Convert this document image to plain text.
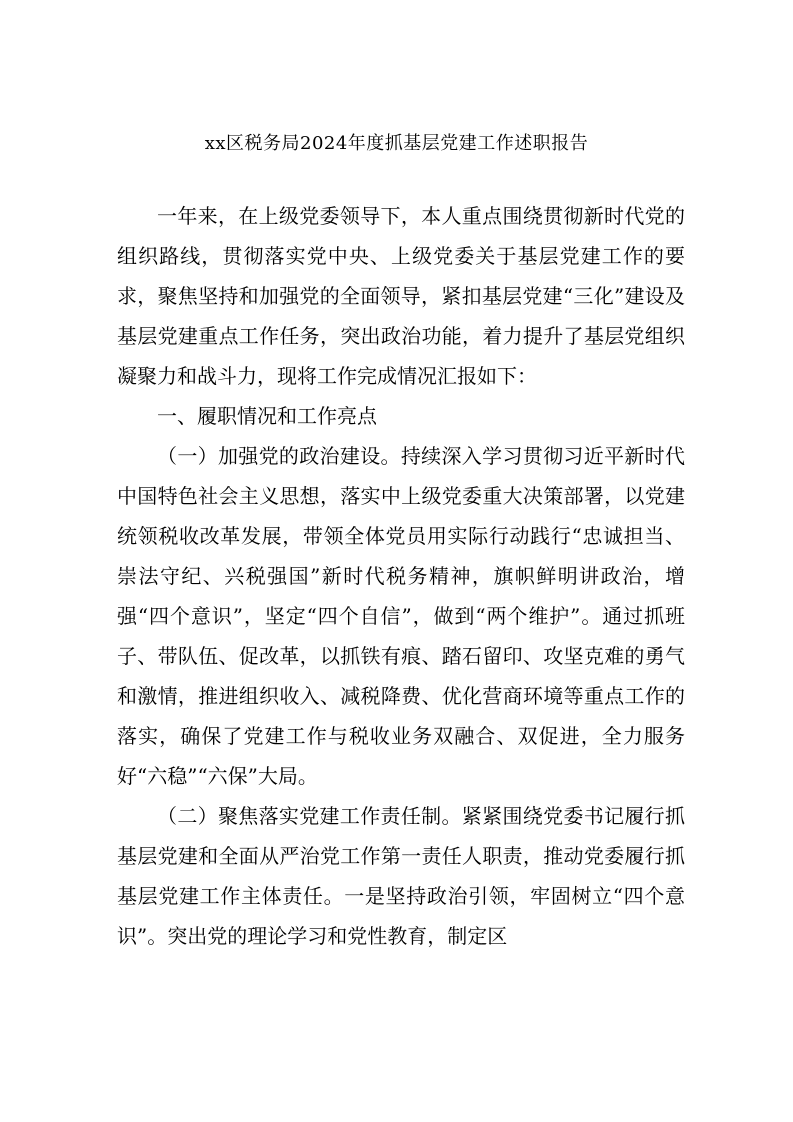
xx区税务局2024年度抓基层党建工作述职报告

一年来，在上级党委领导下，本人重点围绕贯彻新时代党的组织路线，贯彻落实党中央、上级党委关于基层党建工作的要求，聚焦坚持和加强党的全面领导，紧扣基层党建“三化”建设及基层党建重点工作任务，突出政治功能，着力提升了基层党组织凝聚力和战斗力，现将工作完成情况汇报如下：

一、履职情况和工作亮点

（一）加强党的政治建设。持续深入学习贯彻习近平新时代中国特色社会主义思想，落实中上级党委重大决策部署，以党建统领税收改革发展，带领全体党员用实际行动践行“忠诚担当、崇法守纪、兴税强国”新时代税务精神，旗帜鲜明讲政治，增强“四个意识”，坚定“四个自信”，做到“两个维护”。通过抓班子、带队伍、促改革，以抓铁有痕、踏石留印、攻坚克难的勇气和激情，推进组织收入、减税降费、优化营商环境等重点工作的落实，确保了党建工作与税收业务双融合、双促进，全力服务好“六稳”“六保”大局。

（二）聚焦落实党建工作责任制。紧紧围绕党委书记履行抓基层党建和全面从严治党工作第一责任人职责，推动党委履行抓基层党建工作主体责任。一是坚持政治引领，牢固树立“四个意识”。突出党的理论学习和党性教育，制定区
